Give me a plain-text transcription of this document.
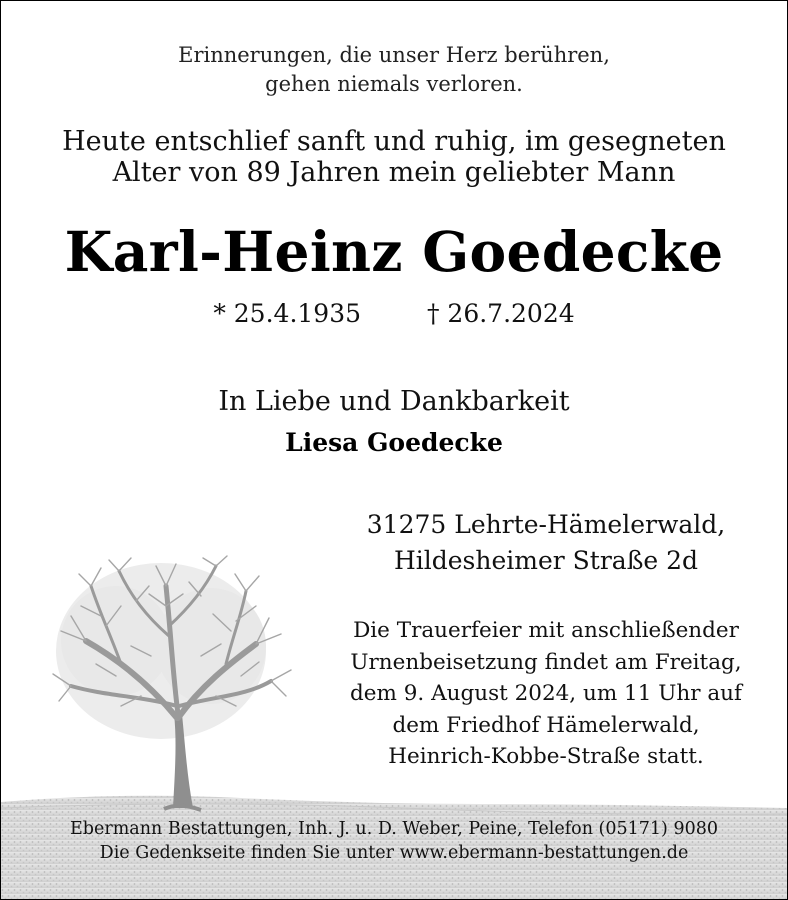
Erinnerungen, die unser Herz berühren,
gehen niemals verloren.
Heute entschlief sanft und ruhig, im gesegneten
Alter von 89 Jahren mein geliebter Mann
Karl-Heinz Goedecke
* 25.4.1935	† 26.7.2024
In Liebe und Dankbarkeit
Liesa Goedecke
31275 Lehrte-Hämelerwald,
Hildesheimer Straße 2d
Die Trauerfeier mit anschließender
Urnenbeisetzung findet am Freitag,
dem 9. August 2024, um 11 Uhr auf
dem Friedhof Hämelerwald,
Heinrich-Kobbe-Straße statt.
Ebermann Bestattungen, Inh. J. u. D. Weber, Peine, Telefon (05171) 9080
Die Gedenkseite finden Sie unter www.ebermann-bestattungen.de
